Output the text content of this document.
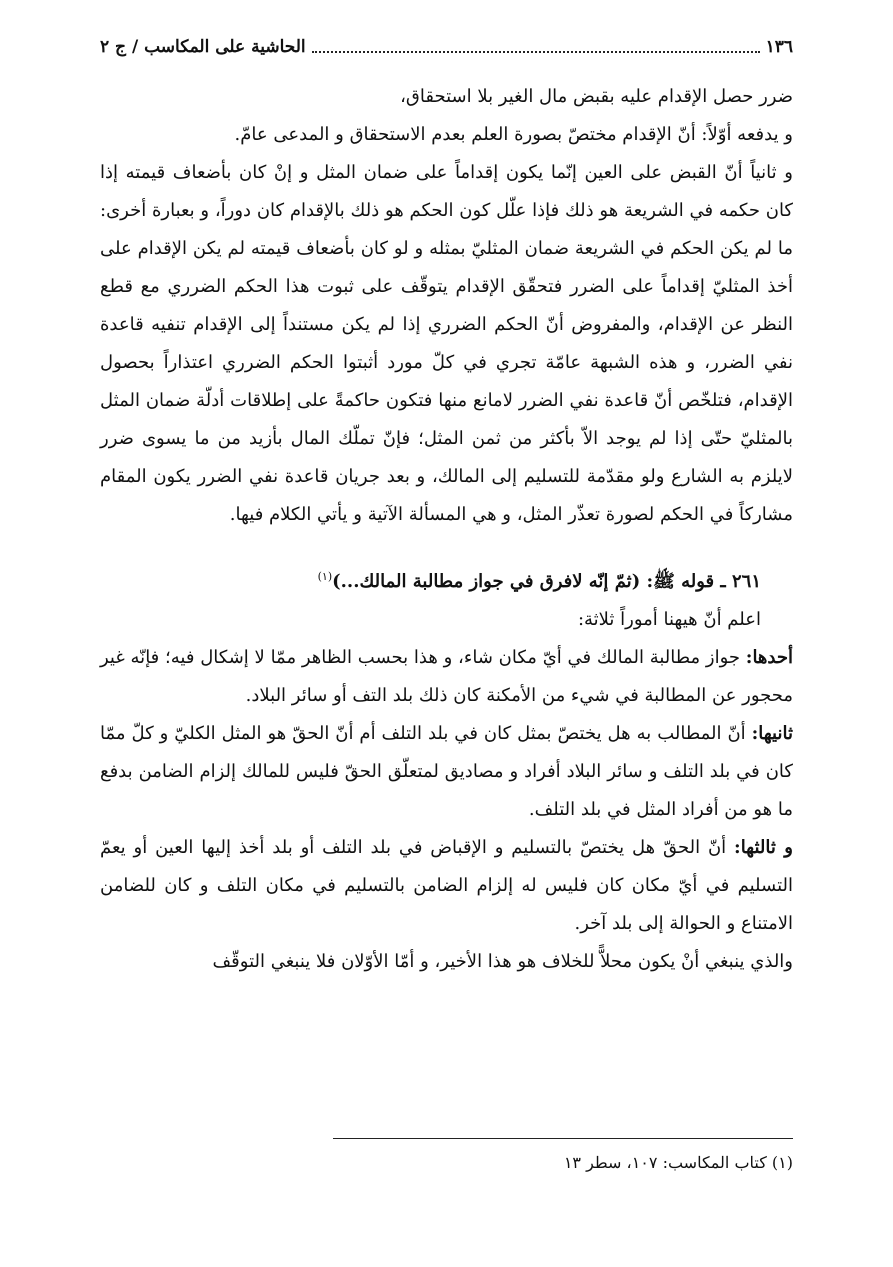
١٣٦
الحاشية على المكاسب / ج ٢

ضرر حصل الإقدام عليه بقبض مال الغير بلا استحقاق،

و يدفعه أوّلاً: أنّ الإقدام مختصّ بصورة العلم بعدم الاستحقاق و المدعى عامّ.

و ثانياً أنّ القبض على العين إنّما يكون إقداماً على ضمان المثل و إنْ كان بأضعاف قيمته إذا كان حكمه في الشريعة هو ذلك فإذا علّل كون الحكم هو ذلك بالإقدام كان دوراً، و بعبارة أخرى: ما لم يكن الحكم في الشريعة ضمان المثليّ بمثله و لو كان بأضعاف قيمته لم يكن الإقدام على أخذ المثليّ إقداماً على الضرر فتحقّق الإقدام يتوقّف على ثبوت هذا الحكم الضرري مع قطع النظر عن الإقدام، والمفروض أنّ الحكم الضرري إذا لم يكن مستنداً إلى الإقدام تنفيه قاعدة نفي الضرر، و هذه الشبهة عامّة تجري في كلّ مورد أثبتوا الحكم الضرري اعتذاراً بحصول الإقدام، فتلخّص أنّ قاعدة نفي الضرر لامانع منها فتكون حاكمةً على إطلاقات أدلّة ضمان المثل بالمثليّ حتّى إذا لم يوجد الاّ بأكثر من ثمن المثل؛ فإنّ تملّك المال بأزيد من ما يسوى ضرر لايلزم به الشارع ولو مقدّمة للتسليم إلى المالك، و بعد جريان قاعدة نفي الضرر يكون المقام مشاركاً في الحكم لصورة تعذّر المثل، و هي المسألة الآتية و يأتي الكلام فيها.

٢٦١ ـ قوله ﷺ: (ثمّ إنّه لافرق في جواز مطالبة المالك...)$^{(١)}$

اعلم أنّ هيهنا أموراً ثلاثة:

أحدها: جواز مطالبة المالك في أيّ مكان شاء، و هذا بحسب الظاهر ممّا لا إشكال فيه؛ فإنّه غير محجور عن المطالبة في شيء من الأمكنة كان ذلك بلد التف أو سائر البلاد.

ثانيها: أنّ المطالب به هل يختصّ بمثل كان في بلد التلف أم أنّ الحقّ هو المثل الكليّ و كلّ ممّا كان في بلد التلف و سائر البلاد أفراد و مصاديق لمتعلّق الحقّ فليس للمالك إلزام الضامن بدفع ما هو من أفراد المثل في بلد التلف.

و ثالثها: أنّ الحقّ هل يختصّ بالتسليم و الإقباض في بلد التلف أو بلد أخذ إليها العين أو يعمّ التسليم في أيّ مكان كان فليس له إلزام الضامن بالتسليم في مكان التلف و كان للضامن الامتناع و الحوالة إلى بلد آخر.

والذي ينبغي أنْ يكون محلاًّ للخلاف هو هذا الأخير، و أمّا الأوّلان فلا ينبغي التوقّف

(١) كتاب المكاسب: ١٠٧، سطر ١٣
